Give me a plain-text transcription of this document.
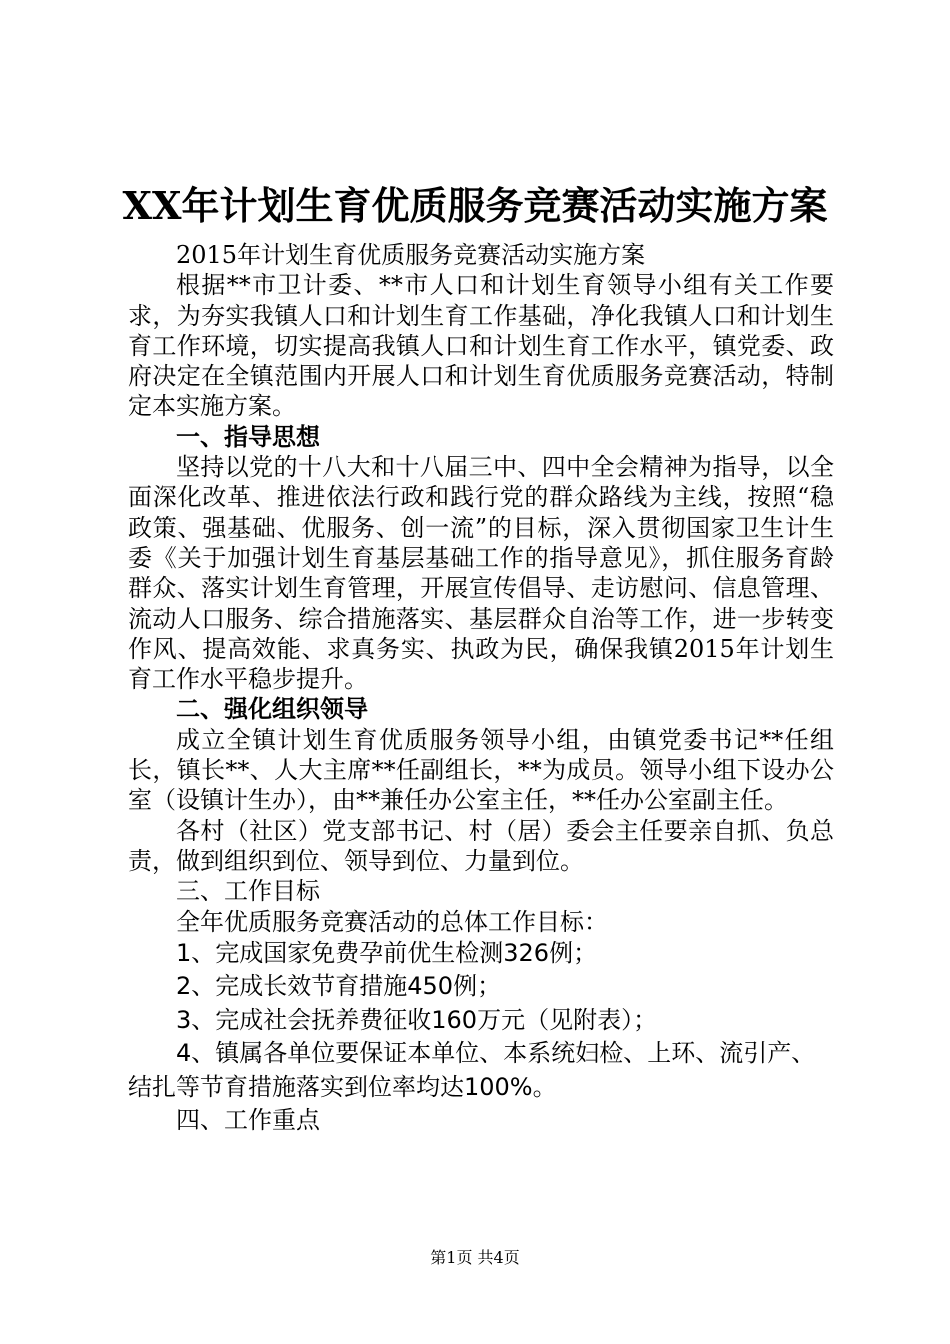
XX年计划生育优质服务竞赛活动实施方案

2015年计划生育优质服务竞赛活动实施方案

根据**市卫计委、**市人口和计划生育领导小组有关工作要求，为夯实我镇人口和计划生育工作基础，净化我镇人口和计划生育工作环境，切实提高我镇人口和计划生育工作水平，镇党委、政府决定在全镇范围内开展人口和计划生育优质服务竞赛活动，特制定本实施方案。

一、指导思想

坚持以党的十八大和十八届三中、四中全会精神为指导，以全面深化改革、推进依法行政和践行党的群众路线为主线，按照“稳政策、强基础、优服务、创一流”的目标，深入贯彻国家卫生计生委《关于加强计划生育基层基础工作的指导意见》，抓住服务育龄群众、落实计划生育管理，开展宣传倡导、走访慰问、信息管理、流动人口服务、综合措施落实、基层群众自治等工作，进一步转变作风、提高效能、求真务实、执政为民，确保我镇2015年计划生育工作水平稳步提升。

二、强化组织领导

成立全镇计划生育优质服务领导小组，由镇党委书记**任组长，镇长**、人大主席**任副组长，**为成员。领导小组下设办公室（设镇计生办），由**兼任办公室主任，**任办公室副主任。

各村（社区）党支部书记、村（居）委会主任要亲自抓、负总责，做到组织到位、领导到位、力量到位。

三、工作目标

全年优质服务竞赛活动的总体工作目标：

1、完成国家免费孕前优生检测326例；

2、完成长效节育措施450例；

3、完成社会抚养费征收160万元（见附表）；

4、镇属各单位要保证本单位、本系统妇检、上环、流引产、结扎等节育措施落实到位率均达100%。

四、工作重点

第1页 共4页
